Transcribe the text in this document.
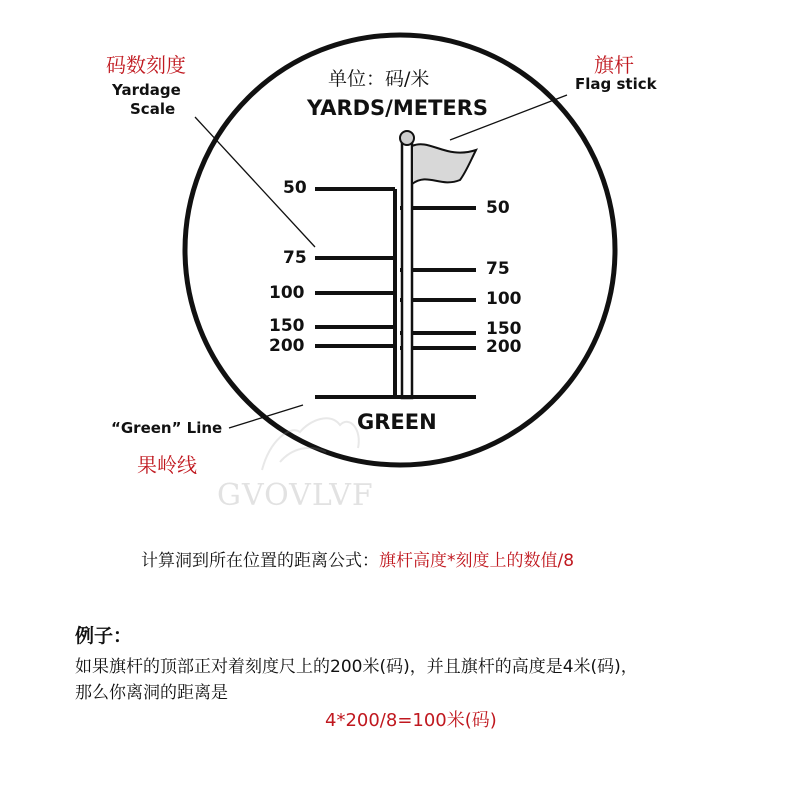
码数刻度
Yardage
Scale
单位：码/米
YARDS/METERS
旗杆
Flag stick
50
75
100
150
200
50
75
100
150
200
GREEN
“Green” Line
果岭线
GVOVLVF
计算洞到所在位置的距离公式：旗杆高度*刻度上的数值/8
例子：
如果旗杆的顶部正对着刻度尺上的200米(码)，并且旗杆的高度是4米(码)，
那么你离洞的距离是
4*200/8=100米(码)
